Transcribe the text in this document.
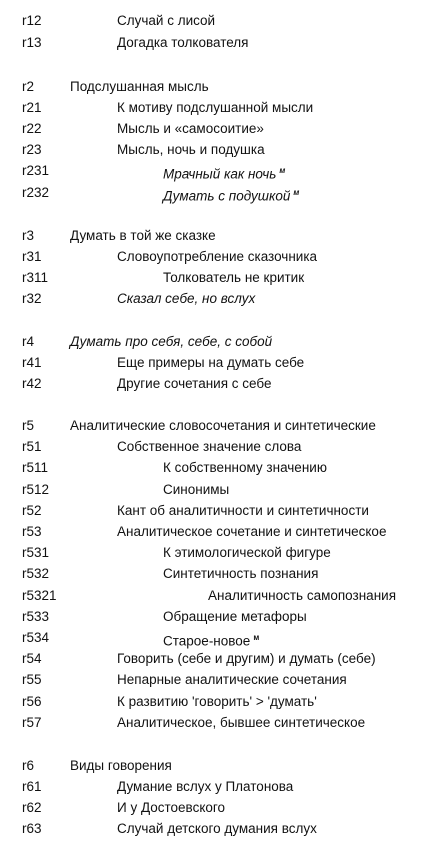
r12	Случай с лисой
r13	Догадка толкователя
r2	Подслушанная мысль
r21	К мотиву подслушанной мысли
r22	Мысль и «самосоитие»
r23	Мысль, ночь и подушка
r231	Мрачный как ночь $^м$
r232	Думать с подушкой $^м$
r3	Думать в той же сказке
r31	Словоупотребление сказочника
r311	Толкователь не критик
r32	Сказал себе, но вслух
r4	Думать про себя, себе, с собой
r41	Еще примеры на думать себе
r42	Другие сочетания с себе
r5	Аналитические словосочетания и синтетические
r51	Собственное значение слова
r511	К собственному значению
r512	Синонимы
r52	Кант об аналитичности и синтетичности
r53	Аналитическое сочетание и синтетическое
r531	К этимологической фигуре
r532	Синтетичность познания
r5321	Аналитичность самопознания
r533	Обращение метафоры
r534	Старое-новое $^м$
r54	Говорить (себе и другим) и думать (себе)
r55	Непарные аналитические сочетания
r56	К развитию 'говорить' > 'думать'
r57	Аналитическое, бывшее синтетическое
r6	Виды говорения
r61	Думание вслух у Платонова
r62	И у Достоевского
r63	Случай детского думания вслух
